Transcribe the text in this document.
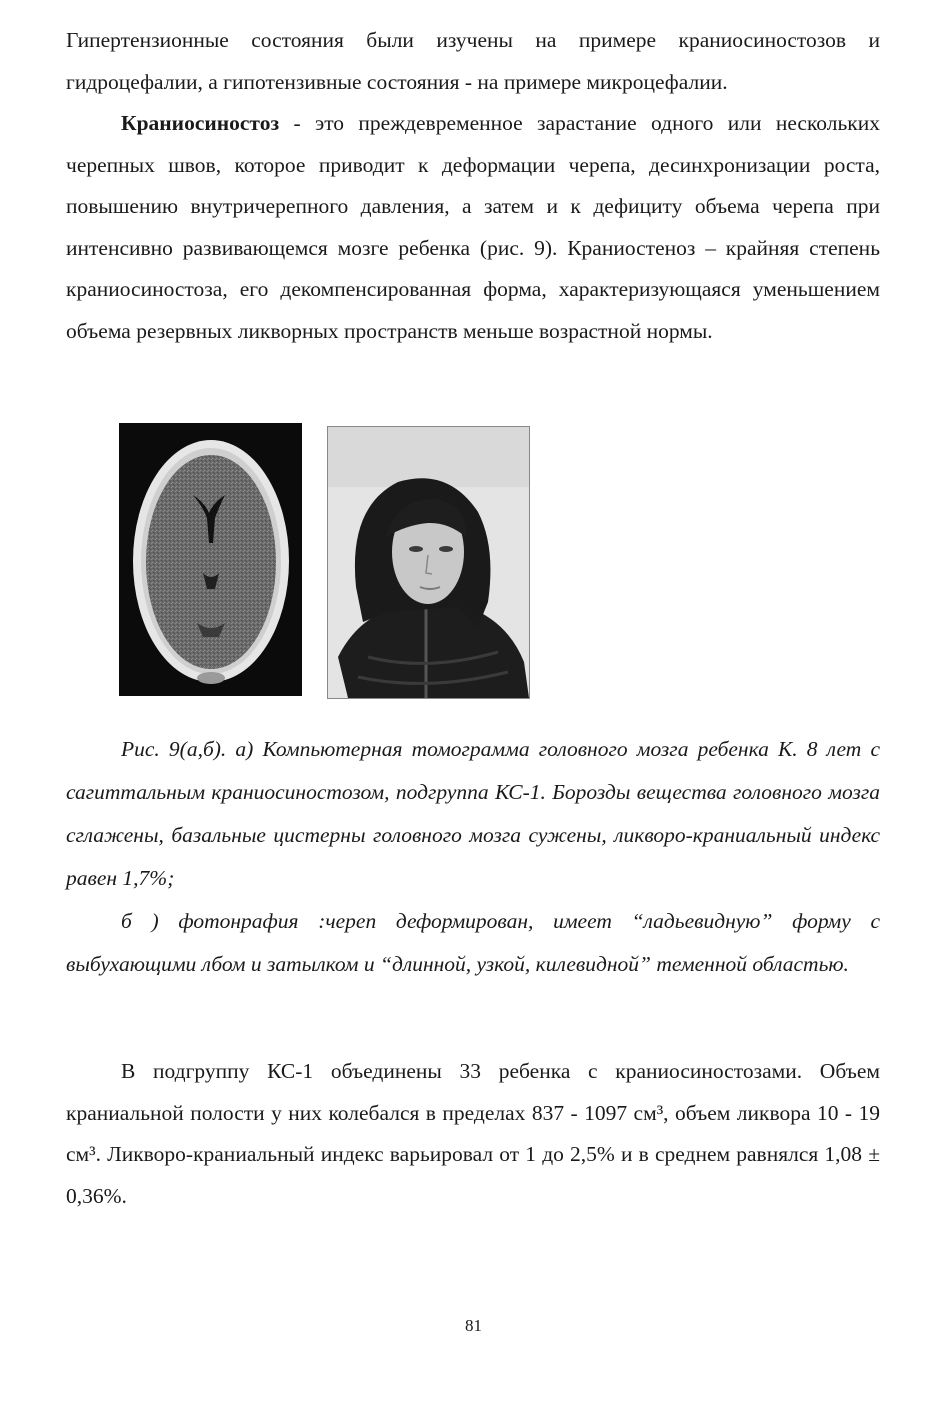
Гипертензионные состояния были изучены на примере краниосиностозов и гидроцефалии, а гипотензивные состояния - на примере микроцефалии.

Краниосиностоз - это преждевременное зарастание одного или нескольких черепных швов, которое приводит к деформации черепа, десинхронизации роста, повышению внутричерепного давления, а затем и к дефициту объема черепа при интенсивно развивающемся мозге ребенка (рис. 9). Краниостеноз – крайняя степень краниосиностоза, его декомпенсированная форма, характеризующаяся уменьшением объема резервных ликворных пространств меньше возрастной нормы.

Рис. 9(а,б). а) Компьютерная томограмма головного мозга ребенка К. 8 лет с сагиттальным краниосиностозом, подгруппа КС-1. Борозды вещества головного мозга сглажены, базальные цистерны головного мозга сужены, ликворо-краниальный индекс равен 1,7%;

б ) фотонрафия :череп деформирован, имеет “ладьевидную” форму с выбухающими лбом и затылком и “длинной, узкой, килевидной” теменной областью.

В подгруппу КС-1 объединены 33 ребенка с краниосиностозами. Объем краниальной полости у них колебался в пределах 837 - 1097 см³, объем ликвора 10 - 19 см³. Ликворо-краниальный индекс варьировал от 1 до 2,5% и в среднем равнялся 1,08 ± 0,36%.

81
